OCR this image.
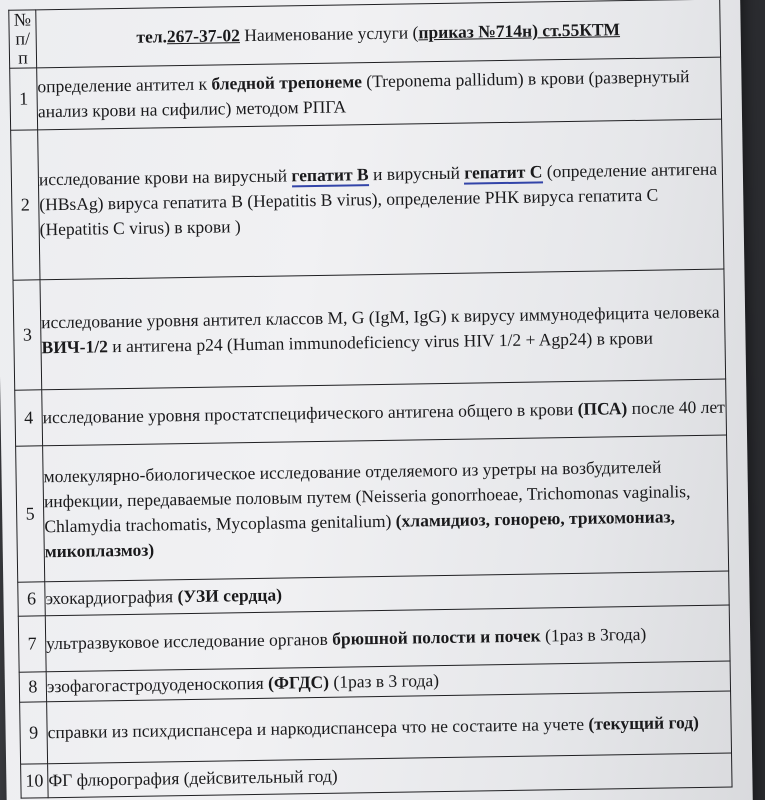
№
п/
п	тел.267-37-02 Наименование услуги (приказ №714н) ст.55КТМ
1	определение антител к бледной трепонеме (Treponema pallidum) в крови (развернутый анализ крови на сифилис) методом РПГА
2	исследование крови на вирусный гепатит В и вирусный гепатит С (определение антигена (HBsAg) вируса гепатита В (Hepatitis B virus), определение РНК вируса гепатита С (Hepatitis C virus) в крови )
3	исследование уровня антител классов M, G (IgM, IgG) к вирусу иммунодефицита человека ВИЧ-1/2 и антигена p24 (Human immunodeficiency virus HIV 1/2 + Agp24) в крови
4	исследование уровня простатспецифического антигена общего в крови (ПСА) после 40 лет
5	молекулярно-биологическое исследование отделяемого из уретры на возбудителей инфекции, передаваемые половым путем (Neisseria gonorrhoeae, Trichomonas vaginalis, Chlamydia trachomatis, Mycoplasma genitalium) (хламидиоз, гонорею, трихомониаз, микоплазмоз)
6	эхокардиография (УЗИ сердца)
7	ультразвуковое исследование органов брюшной полости и почек (1раз в 3года)
8	эзофагогастродуоденоскопия (ФГДС) (1раз в 3 года)
9	справки из психдиспансера и наркодиспансера что не состаите на учете (текущий год)
10	ФГ флюрография (дейсвительный год)
